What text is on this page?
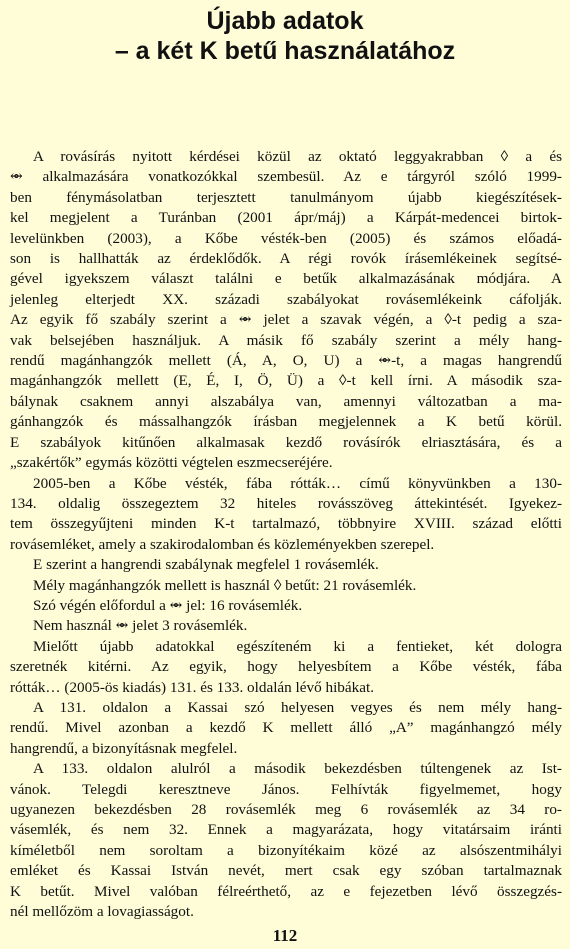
Újabb adatok
– a két K betű használatához
A rovásírás nyitott kérdései közül az oktató leggyakrabban ◊ a és
⥈ alkalmazására vonatkozókkal szembesül. Az e tárgyról szóló 1999-
ben fénymásolatban terjesztett tanulmányom újabb kiegészítések-
kel megjelent a Turánban (2001 ápr/máj) a Kárpát-medencei birtok-
levelünkben (2003), a Kőbe vésték-ben (2005) és számos előadá-
son is hallhatták az érdeklődők. A régi rovók írásemlékeinek segítsé-
gével igyekszem választ találni e betűk alkalmazásának módjára. A
jelenleg elterjedt XX. századi szabályokat rovásemlékeink cáfolják.
Az egyik fő szabály szerint a ⥈ jelet a szavak végén, a ◊-t pedig a sza-
vak belsejében használjuk. A másik fő szabály szerint a mély hang-
rendű magánhangzók mellett (Á, A, O, U) a ⥈-t, a magas hangrendű
magánhangzók mellett (E, É, I, Ö, Ü) a ◊-t kell írni. A második sza-
bálynak csaknem annyi alszabálya van, amennyi változatban a ma-
gánhangzók és mássalhangzók írásban megjelennek a K betű körül.
E szabályok kitűnően alkalmasak kezdő rovásírók elriasztására, és a
„szakértők” egymás közötti végtelen eszmecseréjére.
2005-ben a Kőbe vésték, fába rótták… című könyvünkben a 130-
134. oldalig összegeztem 32 hiteles rovásszöveg áttekintését. Igyekez-
tem összegyűjteni minden K-t tartalmazó, többnyire XVIII. század előtti
rovásemléket, amely a szakirodalomban és közleményekben szerepel.
E szerint a hangrendi szabálynak megfelel 1 rovásemlék.
Mély magánhangzók mellett is használ ◊ betűt: 21 rovásemlék.
Szó végén előfordul a ⥈ jel: 16 rovásemlék.
Nem használ ⥈ jelet 3 rovásemlék.
Mielőtt újabb adatokkal egészíteném ki a fentieket, két dologra
szeretnék kitérni. Az egyik, hogy helyesbítem a Kőbe vésték, fába
rótták… (2005-ös kiadás) 131. és 133. oldalán lévő hibákat.
A 131. oldalon a Kassai szó helyesen vegyes és nem mély hang-
rendű. Mivel azonban a kezdő K mellett álló „A” magánhangzó mély
hangrendű, a bizonyításnak megfelel.
A 133. oldalon alulról a második bekezdésben túltengenek az Ist-
vánok. Telegdi keresztneve János. Felhívták figyelmemet, hogy
ugyanezen bekezdésben 28 rovásemlék meg 6 rovásemlék az 34 ro-
vásemlék, és nem 32. Ennek a magyarázata, hogy vitatársaim iránti
kíméletből nem soroltam a bizonyítékaim közé az alsószentmihályi
emléket és Kassai István nevét, mert csak egy szóban tartalmaznak
K betűt. Mivel valóban félreérthető, az e fejezetben lévő összegzés-
nél mellőzöm a lovagiasságot.
112
